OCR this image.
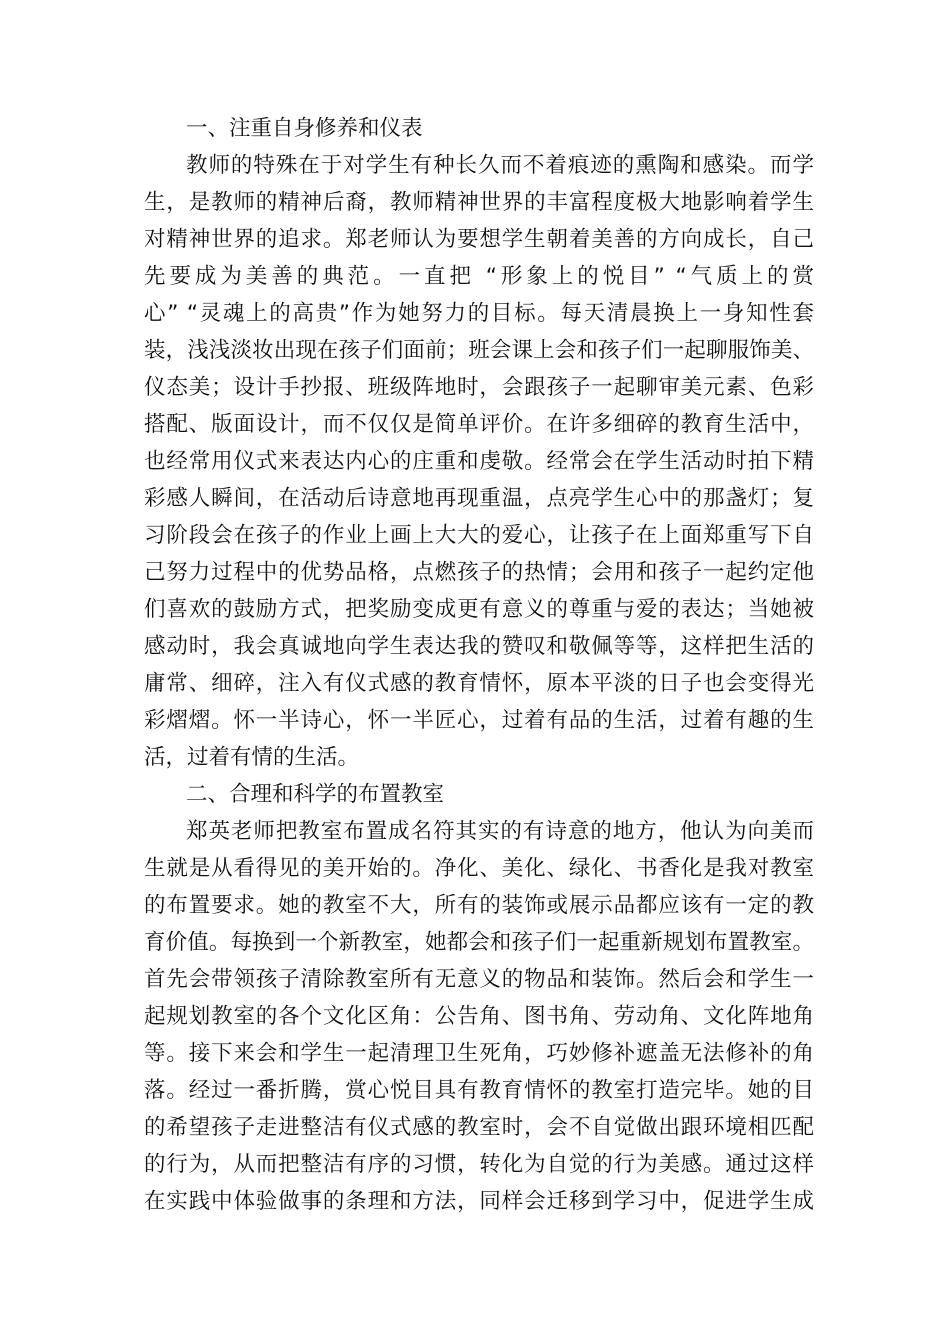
一、注重自身修养和仪表
教师的特殊在于对学生有种长久而不着痕迹的熏陶和感染。而学
生，是教师的精神后裔，教师精神世界的丰富程度极大地影响着学生
对精神世界的追求。郑老师认为要想学生朝着美善的方向成长，自己
先要成为美善的典范。一直把 “形象上的悦目” “气质上的赏
心” “灵魂上的高贵”作为她努力的目标。每天清晨换上一身知性套
装，浅浅淡妆出现在孩子们面前；班会课上会和孩子们一起聊服饰美、
仪态美；设计手抄报、班级阵地时，会跟孩子一起聊审美元素、色彩
搭配、版面设计，而不仅仅是简单评价。在许多细碎的教育生活中，
也经常用仪式来表达内心的庄重和虔敬。经常会在学生活动时拍下精
彩感人瞬间，在活动后诗意地再现重温，点亮学生心中的那盏灯；复
习阶段会在孩子的作业上画上大大的爱心，让孩子在上面郑重写下自
己努力过程中的优势品格，点燃孩子的热情；会用和孩子一起约定他
们喜欢的鼓励方式，把奖励变成更有意义的尊重与爱的表达；当她被
感动时，我会真诚地向学生表达我的赞叹和敬佩等等，这样把生活的
庸常、细碎，注入有仪式感的教育情怀，原本平淡的日子也会变得光
彩熠熠。怀一半诗心，怀一半匠心，过着有品的生活，过着有趣的生
活，过着有情的生活。
二、合理和科学的布置教室
郑英老师把教室布置成名符其实的有诗意的地方，他认为向美而
生就是从看得见的美开始的。净化、美化、绿化、书香化是我对教室
的布置要求。她的教室不大，所有的装饰或展示品都应该有一定的教
育价值。每换到一个新教室，她都会和孩子们一起重新规划布置教室。
首先会带领孩子清除教室所有无意义的物品和装饰。然后会和学生一
起规划教室的各个文化区角：公告角、图书角、劳动角、文化阵地角
等。接下来会和学生一起清理卫生死角，巧妙修补遮盖无法修补的角
落。经过一番折腾，赏心悦目具有教育情怀的教室打造完毕。她的目
的希望孩子走进整洁有仪式感的教室时，会不自觉做出跟环境相匹配
的行为，从而把整洁有序的习惯，转化为自觉的行为美感。通过这样
在实践中体验做事的条理和方法，同样会迁移到学习中，促进学生成
